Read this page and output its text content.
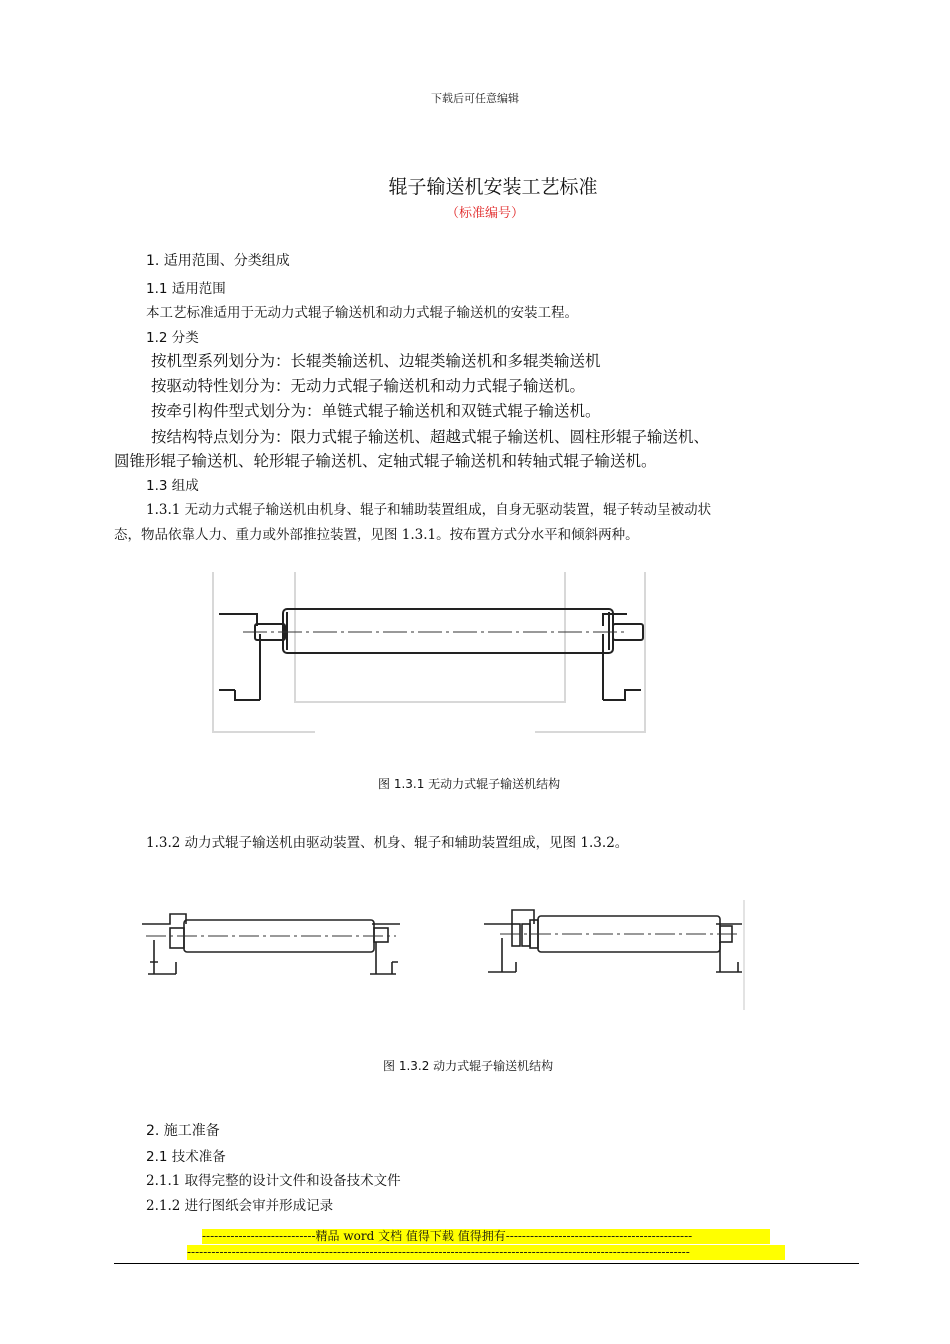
下载后可任意编辑
辊子输送机安装工艺标准
（标准编号）
1. 适用范围、分类组成
1.1 适用范围
本工艺标准适用于无动力式辊子输送机和动力式辊子输送机的安装工程。
1.2 分类
按机型系列划分为：长辊类输送机、边辊类输送机和多辊类输送机
按驱动特性划分为：无动力式辊子输送机和动力式辊子输送机。
按牵引构件型式划分为：单链式辊子输送机和双链式辊子输送机。
按结构特点划分为：限力式辊子输送机、超越式辊子输送机、圆柱形辊子输送机、
圆锥形辊子输送机、轮形辊子输送机、定轴式辊子输送机和转轴式辊子输送机。
1.3 组成
1.3.1 无动力式辊子输送机由机身、辊子和辅助装置组成，自身无驱动装置，辊子转动呈被动状
态，物品依靠人力、重力或外部推拉装置，见图 1.3.1。按布置方式分水平和倾斜两种。
图 1.3.1 无动力式辊子输送机结构
1.3.2 动力式辊子输送机由驱动装置、机身、辊子和辅助装置组成，见图 1.3.2。
图 1.3.2 动力式辊子输送机结构
2. 施工准备
2.1 技术准备
2.1.1 取得完整的设计文件和设备技术文件
2.1.2 进行图纸会审并形成记录
----------------------------精品 word 文档 值得下载 值得拥有----------------------------------------------
----------------------------------------------------------------------------------------------------------------------------
